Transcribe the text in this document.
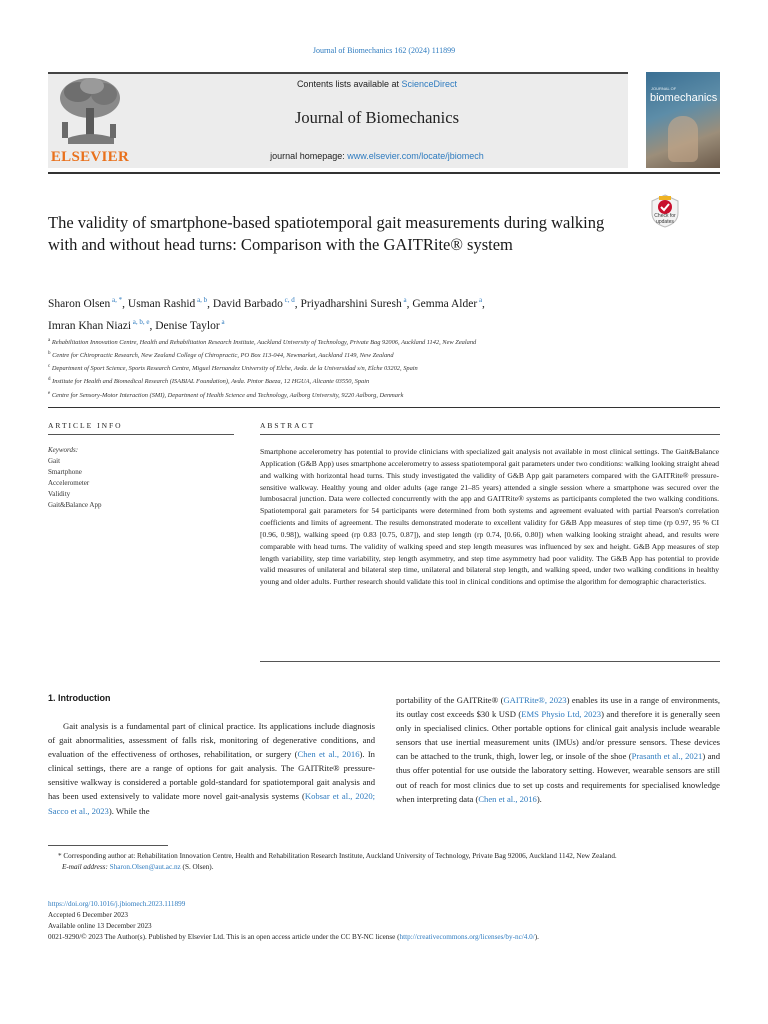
Journal of Biomechanics 162 (2024) 111899
ELSEVIER
Contents lists available at ScienceDirect
Journal of Biomechanics
journal homepage: www.elsevier.com/locate/jbiomech
JOURNAL OF
biomechanics
The validity of smartphone-based spatiotemporal gait measurements during walking with and without head turns: Comparison with the GAITRite® system
Check for
updates
Sharon Olsen $^{a, *}$, Usman Rashid $^{a, b}$, David Barbado $^{c, d}$, Priyadharshini Suresh $^a$, Gemma Alder $^a$,
Imran Khan Niazi $^{a, b, e}$, Denise Taylor $^a$
$^a$ Rehabilitation Innovation Centre, Health and Rehabilitation Research Institute, Auckland University of Technology, Private Bag 92006, Auckland 1142, New Zealand
$^b$ Centre for Chiropractic Research, New Zealand College of Chiropractic, PO Box 113-044, Newmarket, Auckland 1149, New Zealand
$^c$ Department of Sport Science, Sports Research Centre, Miguel Hernandez University of Elche, Avda. de la Universidad s/n, Elche 03202, Spain
$^d$ Institute for Health and Biomedical Research (ISABIAL Foundation), Avda. Pintor Baeza, 12 HGUA, Alicante 03550, Spain
$^e$ Centre for Sensory-Motor Interaction (SMI), Department of Health Science and Technology, Aalborg University, 9220 Aalborg, Denmark
ARTICLE INFO
Keywords:
Gait
Smartphone
Accelerometer
Validity
Gait&Balance App
ABSTRACT

Smartphone accelerometry has potential to provide clinicians with specialized gait analysis not available in most clinical settings. The Gait&Balance Application (G&B App) uses smartphone accelerometry to assess spatiotemporal gait parameters under two conditions: walking looking straight ahead and walking with horizontal head turns. This study investigated the validity of G&B App gait parameters compared with the GAITRite® pressure-sensitive walkway. Healthy young and older adults (age range 21–85 years) attended a single session where a smartphone was secured over the lumbosacral junction. Data were collected concurrently with the app and GAITRite® systems as participants completed the two walking conditions. Spatiotemporal gait parameters for 54 participants were determined from both systems and agreement evaluated with partial Pearson's correlation coefficients and limits of agreement. The results demonstrated moderate to excellent validity for G&B App measures of step time (rp 0.97, 95 % CI [0.96, 0.98]), walking speed (rp 0.83 [0.75, 0.87]), and step length (rp 0.74, [0.66, 0.80]) when walking looking straight ahead, and results were comparable with head turns. The validity of walking speed and step length measures was influenced by sex and height. G&B App measures of step length variability, step time variability, step length asymmetry, and step time asymmetry had poor validity. The G&B App has potential to provide valid measures of unilateral and bilateral step time, unilateral and bilateral step length, and walking speed, under two walking conditions in healthy young and older adults. Further research should validate this tool in clinical conditions and optimise the algorithm for demographic characteristics.

1. Introduction

Gait analysis is a fundamental part of clinical practice. Its applications include diagnosis of gait abnormalities, assessment of falls risk, monitoring of degenerative conditions, and evaluation of the effectiveness of orthoses, rehabilitation, or surgery (Chen et al., 2016). In clinical settings, there are a range of options for gait analysis. The GAITRite® pressure-sensitive walkway is considered a portable gold-standard for spatiotemporal gait analysis and has been used extensively to validate more novel gait-analysis systems (Kobsar et al., 2020; Sacco et al., 2023). While the

portability of the GAITRite® (GAITRite®, 2023) enables its use in a range of environments, its outlay cost exceeds $30 k USD (EMS Physio Ltd, 2023) and therefore it is generally seen only in specialised clinics. Other portable options for clinical gait analysis include wearable sensors that use inertial measurement units (IMUs) and/or pressure sensors. These devices can be attached to the trunk, thigh, lower leg, or insole of the shoe (Prasanth et al., 2021) and thus offer potential for use outside the laboratory setting. However, wearable sensors are still out of reach for most clinics due to set up costs and requirements for specialised knowledge when interpreting data (Chen et al., 2016).

* Corresponding author at: Rehabilitation Innovation Centre, Health and Rehabilitation Research Institute, Auckland University of Technology, Private Bag 92006, Auckland 1142, New Zealand.
E-mail address: Sharon.Olsen@aut.ac.nz (S. Olsen).
https://doi.org/10.1016/j.jbiomech.2023.111899
Accepted 6 December 2023
Available online 13 December 2023
0021-9290/© 2023 The Author(s). Published by Elsevier Ltd. This is an open access article under the CC BY-NC license (http://creativecommons.org/licenses/by-nc/4.0/).
